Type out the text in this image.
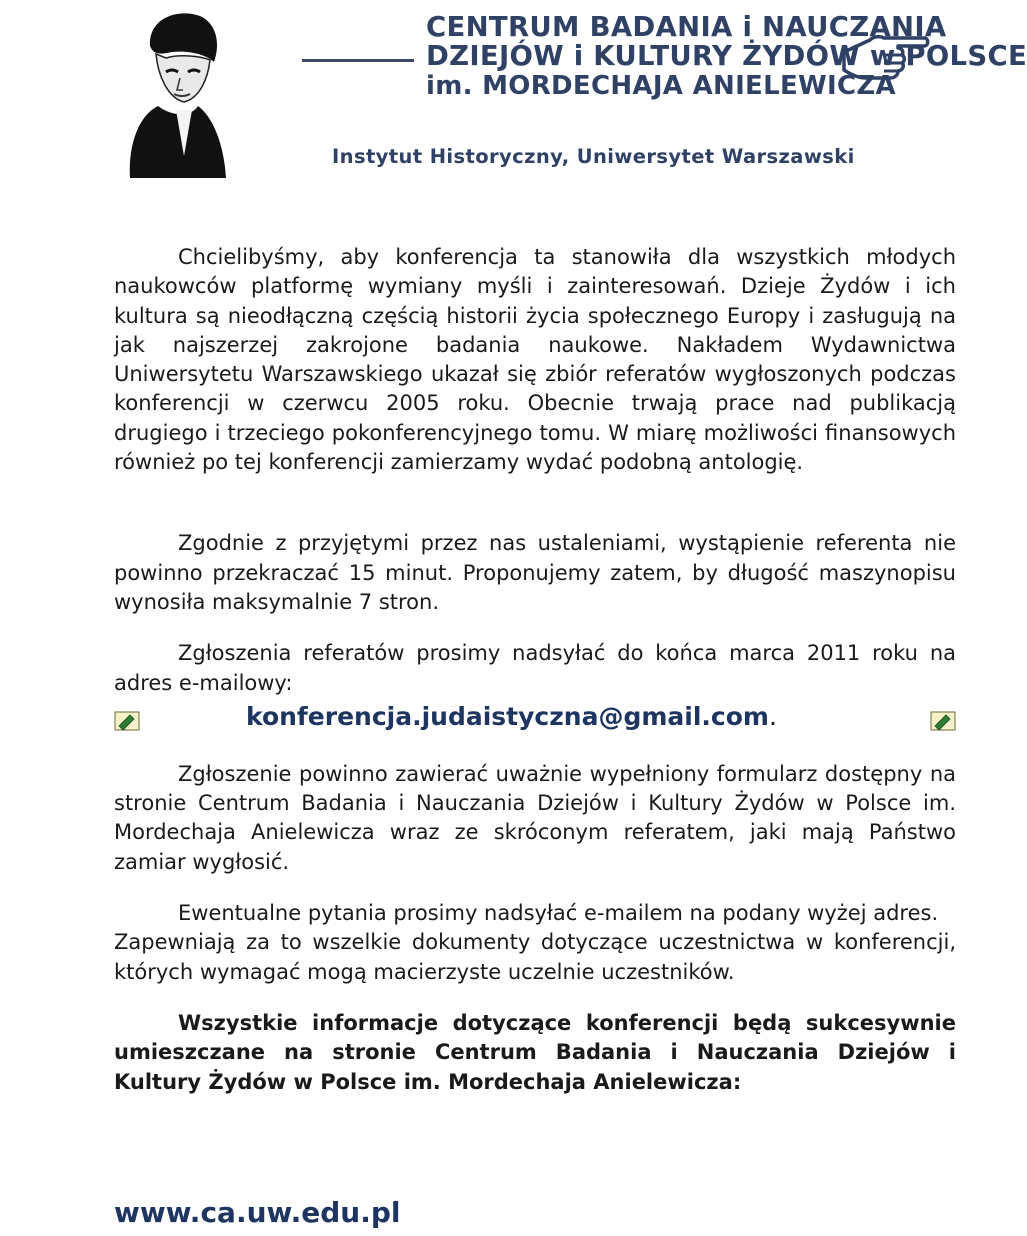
CENTRUM BADANIA i NAUCZANIA
DZIEJÓW i KULTURY ŻYDÓW w POLSCE
im. MORDECHAJA ANIELEWICZA
Instytut Historyczny, Uniwersytet Warszawski

Chcielibyśmy, aby konferencja ta stanowiła dla wszystkich młodych naukowców platformę wymiany myśli i zainteresowań. Dzieje Żydów i ich kultura są nieodłączną częścią historii życia społecznego Europy i zasługują na jak najszerzej zakrojone badania naukowe. Nakładem Wydawnictwa Uniwersytetu Warszawskiego ukazał się zbiór referatów wygłoszonych podczas konferencji w czerwcu 2005 roku. Obecnie trwają prace nad publikacją drugiego i trzeciego pokonferencyjnego tomu. W miarę możliwości finansowych również po tej konferencji zamierzamy wydać podobną antologię.

Zgodnie z przyjętymi przez nas ustaleniami, wystąpienie referenta nie powinno przekraczać 15 minut. Proponujemy zatem, by długość maszynopisu wynosiła maksymalnie 7 stron.

Zgłoszenia referatów prosimy nadsyłać do końca marca 2011 roku na adres e-mailowy:

konferencja.judaistyczna@gmail.com.

Zgłoszenie powinno zawierać uważnie wypełniony formularz dostępny na stronie Centrum Badania i Nauczania Dziejów i Kultury Żydów w Polsce im. Mordechaja Anielewicza wraz ze skróconym referatem, jaki mają Państwo zamiar wygłosić.

Ewentualne pytania prosimy nadsyłać e-mailem na podany wyżej adres.

Zapewniają za to wszelkie dokumenty dotyczące uczestnictwa w konferencji, których wymagać mogą macierzyste uczelnie uczestników.

Wszystkie informacje dotyczące konferencji będą sukcesywnie umieszczane na stronie Centrum Badania i Nauczania Dziejów i Kultury Żydów w Polsce im. Mordechaja Anielewicza:

www.ca.uw.edu.pl
